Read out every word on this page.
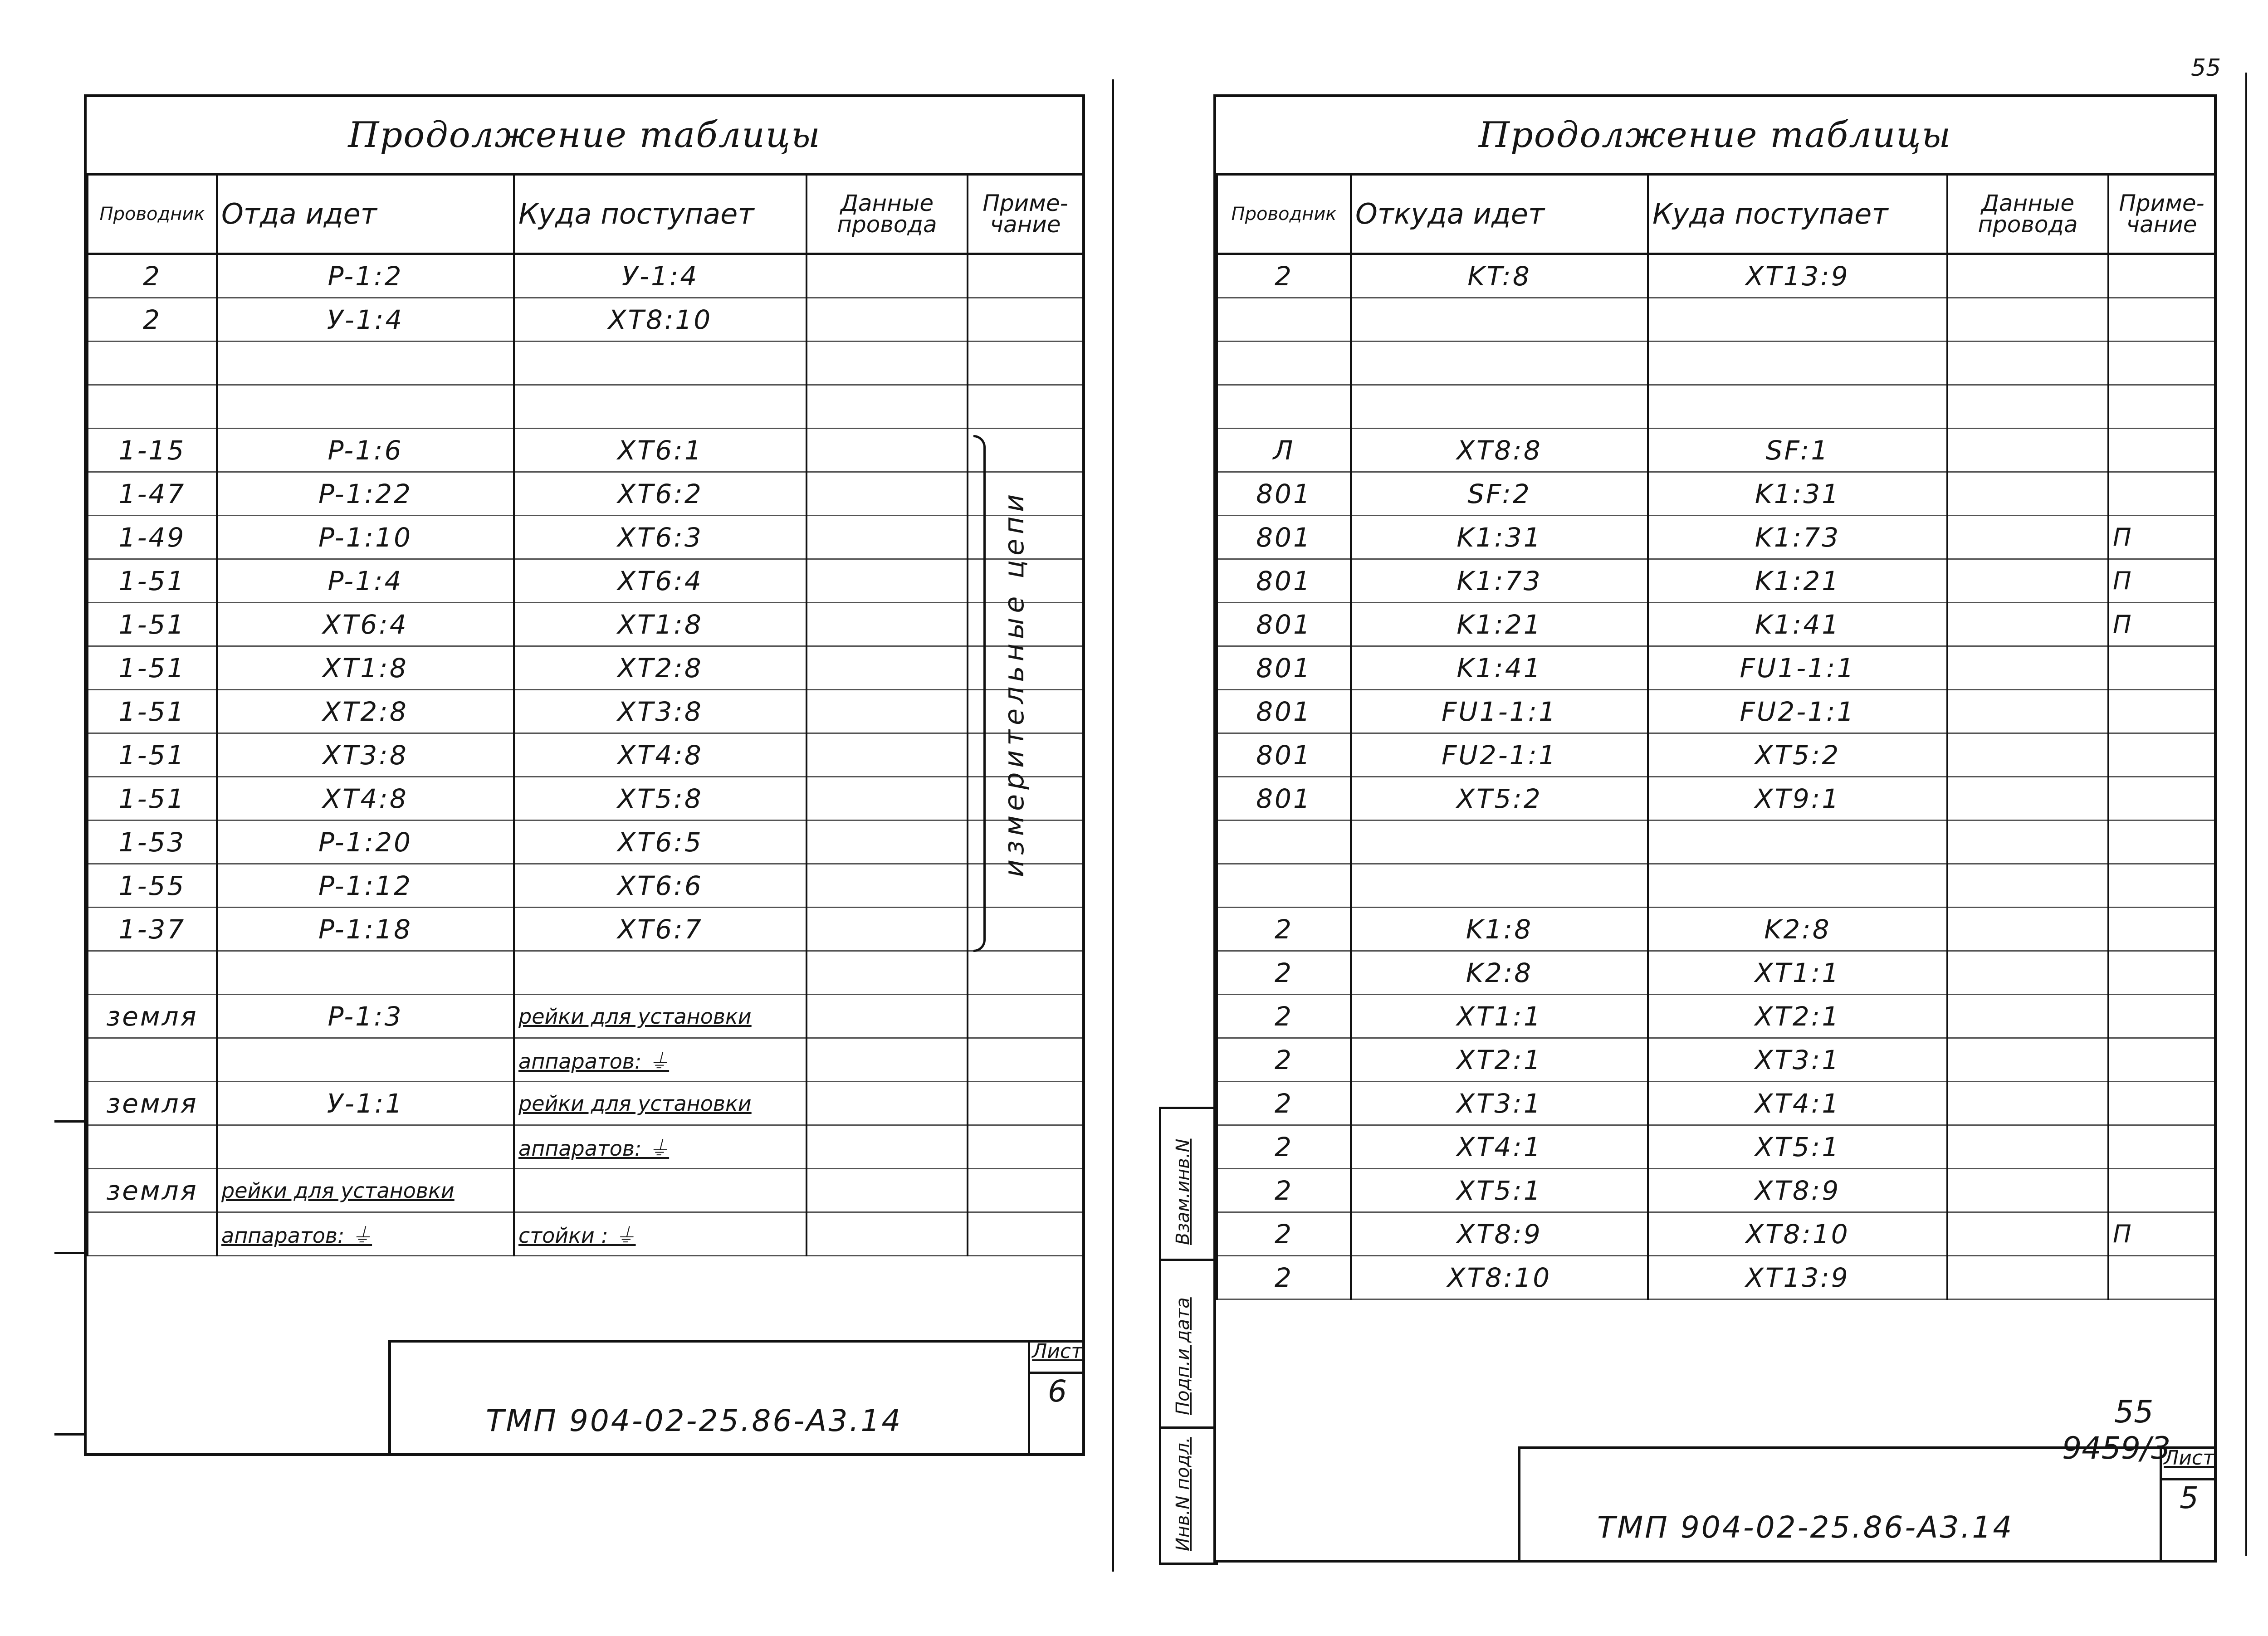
Продолжение таблицы
Провoдник	Отда идет	Куда поступает	Данные провода	Приме-чание
2	P-1:2	У-1:4		
2	У-1:4	XT8:10		

1-15	P-1:6	XT6:1		
1-47	P-1:22	XT6:2		
1-49	P-1:10	XT6:3		
1-51	P-1:4	XT6:4		
1-51	XT6:4	XT1:8		
1-51	XT1:8	XT2:8		
1-51	XT2:8	XT3:8		
1-51	XT3:8	XT4:8		
1-51	XT4:8	XT5:8		
1-53	P-1:20	XT6:5		
1-55	P-1:12	XT6:6		
1-37	P-1:18	XT6:7		

земля	P-1:3	рейки для установки		
		аппаратов: ⏚		
земля	У-1:1	рейки для установки		
		аппаратов: ⏚		
земля	рейки для установки			
	аппаратов: ⏚	стойки : ⏚		
измерительные цепи
ТМП 904-02-25.86-А3.14
Лист
6
Взам.инв.N
Подп.и дата
Инв.N подл.
Продолжение таблицы
Проводник	Откуда идет	Куда поступает	Данные провода	Приме-чание
2	KT:8	XT13:9		

Л	XT8:8	SF:1		
801	SF:2	K1:31		
801	K1:31	K1:73		П
801	K1:73	K1:21		П
801	K1:21	K1:41		П
801	K1:41	FU1-1:1		
801	FU1-1:1	FU2-1:1		
801	FU2-1:1	XT5:2		
801	XT5:2	XT9:1		

2	K1:8	K2:8		
2	K2:8	XT1:1		
2	XT1:1	XT2:1		
2	XT2:1	XT3:1		
2	XT3:1	XT4:1		
2	XT4:1	XT5:1		
2	XT5:1	XT8:9		
2	XT8:9	XT8:10		П
2	XT8:10	XT13:9		
55
9459/3
ТМП 904-02-25.86-А3.14
Лист
5
55
